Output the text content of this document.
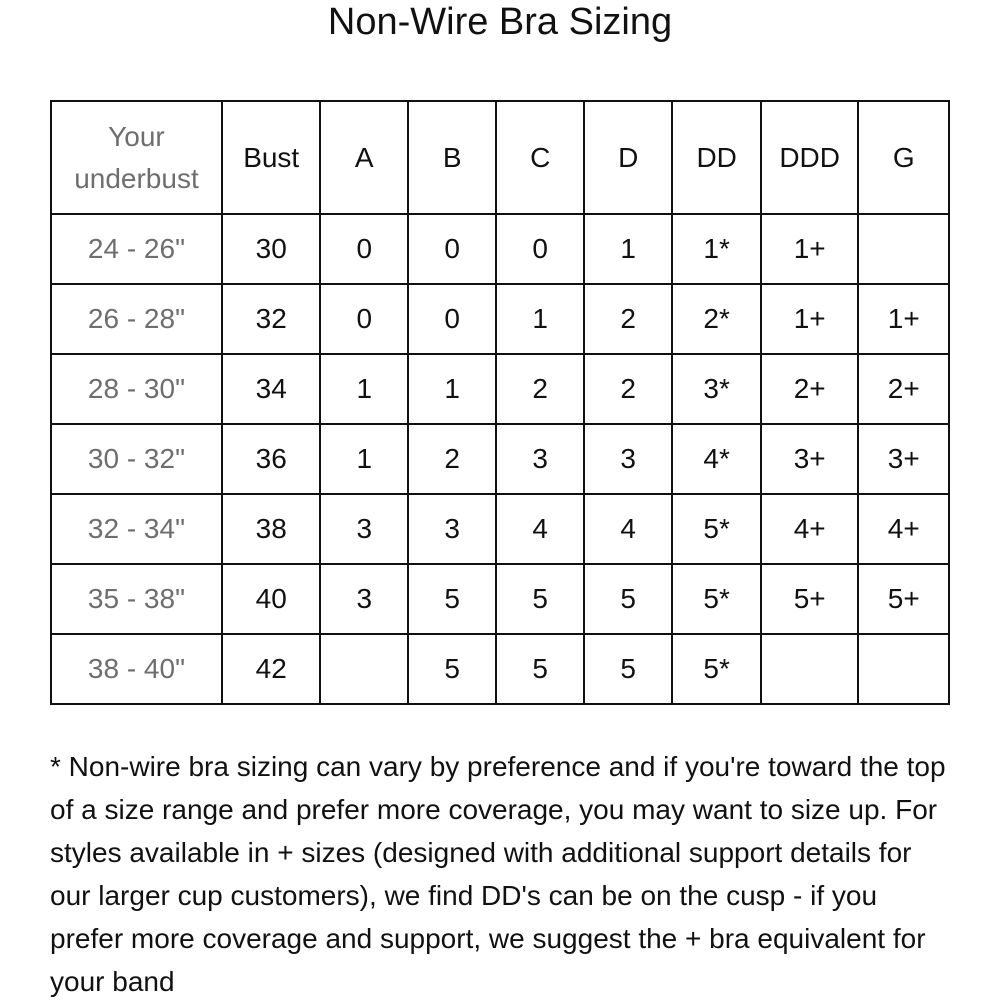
Non-Wire Bra Sizing
Your underbust	Bust	A	B	C	D	DD	DDD	G
24 - 26"	30	0	0	0	1	1*	1+	
26 - 28"	32	0	0	1	2	2*	1+	1+
28 - 30"	34	1	1	2	2	3*	2+	2+
30 - 32"	36	1	2	3	3	4*	3+	3+
32 - 34"	38	3	3	4	4	5*	4+	4+
35 - 38"	40	3	5	5	5	5*	5+	5+
38 - 40"	42		5	5	5	5*		

* Non-wire bra sizing can vary by preference and if you're toward the top of a size range and prefer more coverage, you may want to size up. For styles available in + sizes (designed with additional support details for our larger cup customers), we find DD's can be on the cusp - if you prefer more coverage and support, we suggest the + bra equivalent for your band
